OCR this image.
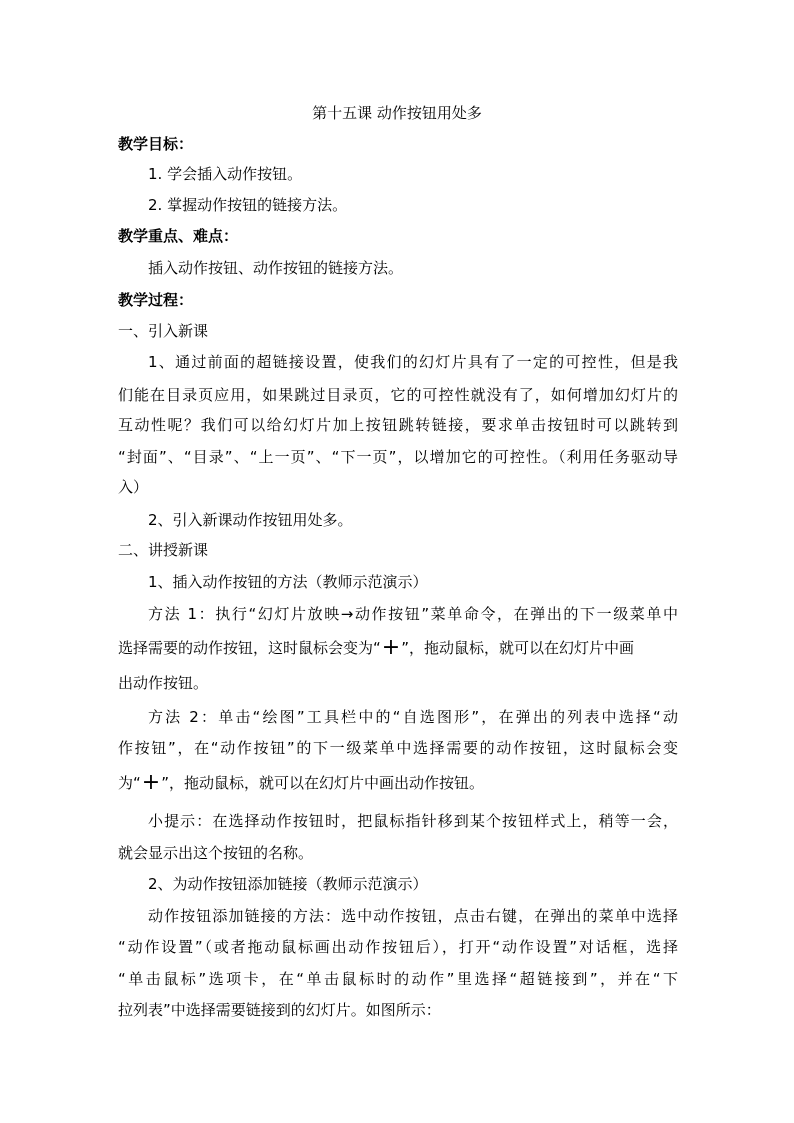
第十五课 动作按钮用处多
教学目标：
1. 学会插入动作按钮。
2. 掌握动作按钮的链接方法。
教学重点、难点：
插入动作按钮、动作按钮的链接方法。
教学过程：
一、引入新课
1、通过前面的超链接设置，使我们的幻灯片具有了一定的可控性，但是我
们能在目录页应用，如果跳过目录页，它的可控性就没有了，如何增加幻灯片的
互动性呢？我们可以给幻灯片加上按钮跳转链接，要求单击按钮时可以跳转到
“封面”、“目录”、“上一页”、“下一页”，以增加它的可控性。（利用任务驱动导
入）
2、引入新课动作按钮用处多。
二、讲授新课
1、插入动作按钮的方法（教师示范演示）
方法 1：执行“幻灯片放映→动作按钮”菜单命令，在弹出的下一级菜单中
选择需要的动作按钮，这时鼠标会变为“+”，拖动鼠标，就可以在幻灯片中画
出动作按钮。
方法 2：单击“绘图”工具栏中的“自选图形”，在弹出的列表中选择“动
作按钮”，在“动作按钮”的下一级菜单中选择需要的动作按钮，这时鼠标会变
为“+”，拖动鼠标，就可以在幻灯片中画出动作按钮。
小提示：在选择动作按钮时，把鼠标指针移到某个按钮样式上，稍等一会，
就会显示出这个按钮的名称。
2、为动作按钮添加链接（教师示范演示）
动作按钮添加链接的方法：选中动作按钮，点击右键，在弹出的菜单中选择
“动作设置”（或者拖动鼠标画出动作按钮后），打开“动作设置”对话框，选择
“单击鼠标”选项卡，在“单击鼠标时的动作”里选择“超链接到”，并在“下
拉列表”中选择需要链接到的幻灯片。如图所示：
